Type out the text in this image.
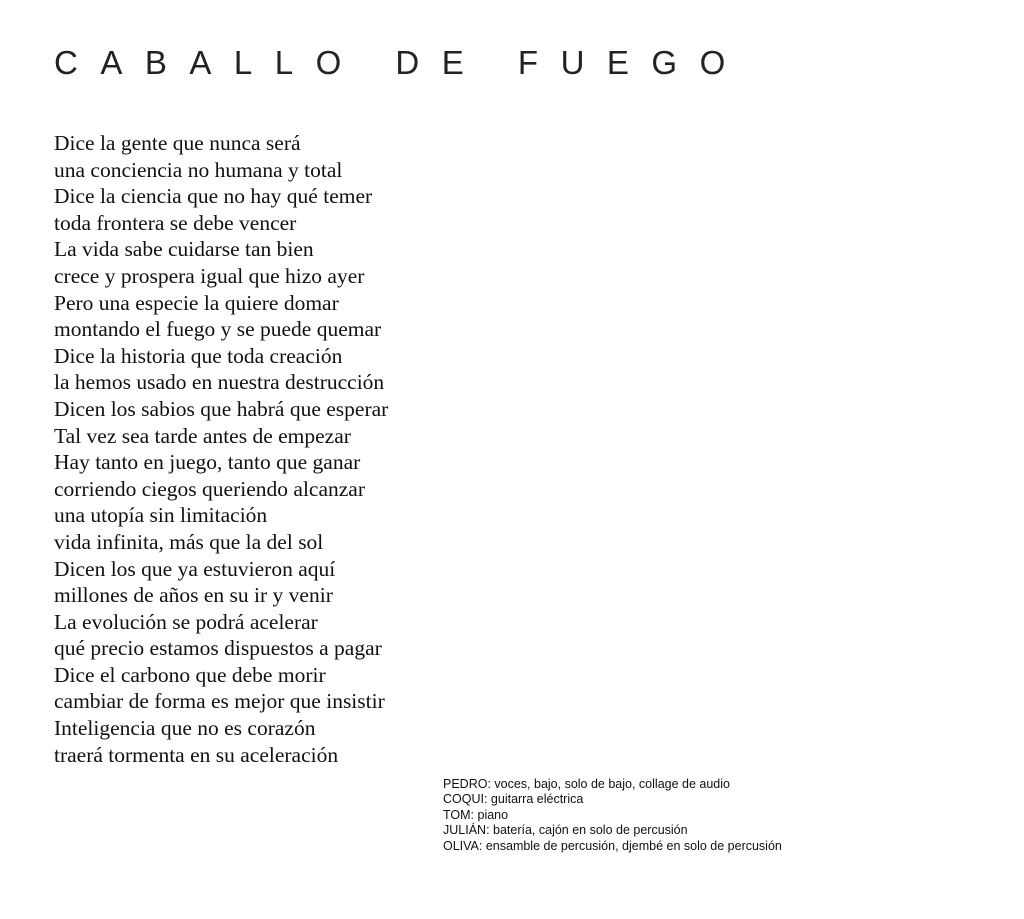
CABALLO DE FUEGO
Dice la gente que nunca será
una conciencia no humana y total
Dice la ciencia que no hay qué temer
toda frontera se debe vencer
La vida sabe cuidarse tan bien
crece y prospera igual que hizo ayer
Pero una especie la quiere domar
montando el fuego y se puede quemar
Dice la historia que toda creación
la hemos usado en nuestra destrucción
Dicen los sabios que habrá que esperar
Tal vez sea tarde antes de empezar
Hay tanto en juego, tanto que ganar
corriendo ciegos queriendo alcanzar
una utopía sin limitación
vida infinita, más que la del sol
Dicen los que ya estuvieron aquí
millones de años en su ir y venir
La evolución se podrá acelerar
qué precio estamos dispuestos a pagar
Dice el carbono que debe morir
cambiar de forma es mejor que insistir
Inteligencia que no es corazón
traerá tormenta en su aceleración
PEDRO: voces, bajo, solo de bajo, collage de audio
COQUI: guitarra eléctrica
TOM: piano
JULIÁN: batería, cajón en solo de percusión
OLIVA: ensamble de percusión, djembé en solo de percusión
